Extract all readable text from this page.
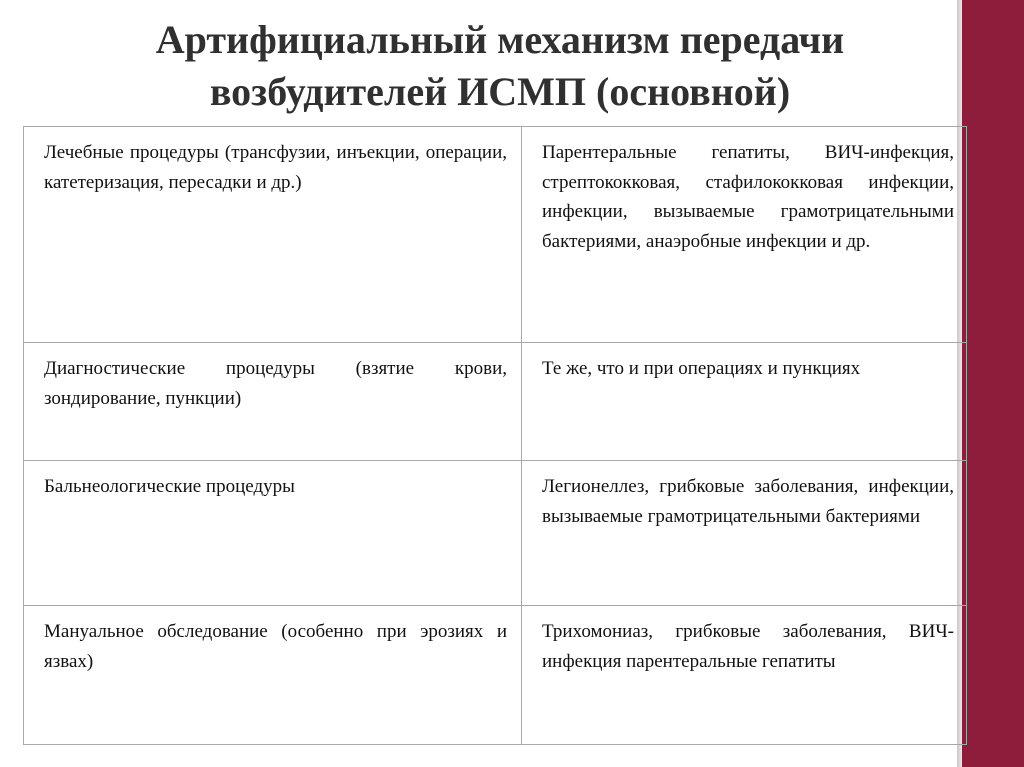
Артифициальный механизм передачи
возбудителей ИСМП (основной)
Лечебные процедуры (трансфузии, инъекции, операции, катетеризация, пересадки и др.)	Парентеральные гепатиты, ВИЧ-инфекция, стрептококковая, стафилококковая инфекции, инфекции, вызываемые грамотрицательными бактериями, анаэробные инфекции и др.
Диагностические процедуры (взятие крови, зондирование, пункции)	Те же, что и при операциях и пункциях
Бальнеологические процедуры	Легионеллез, грибковые заболевания, инфекции, вызываемые грамотрицательными бактериями
Мануальное обследование (особенно при эрозиях и язвах)	Трихомониаз, грибковые заболевания, ВИЧ-инфекция парентеральные гепатиты
